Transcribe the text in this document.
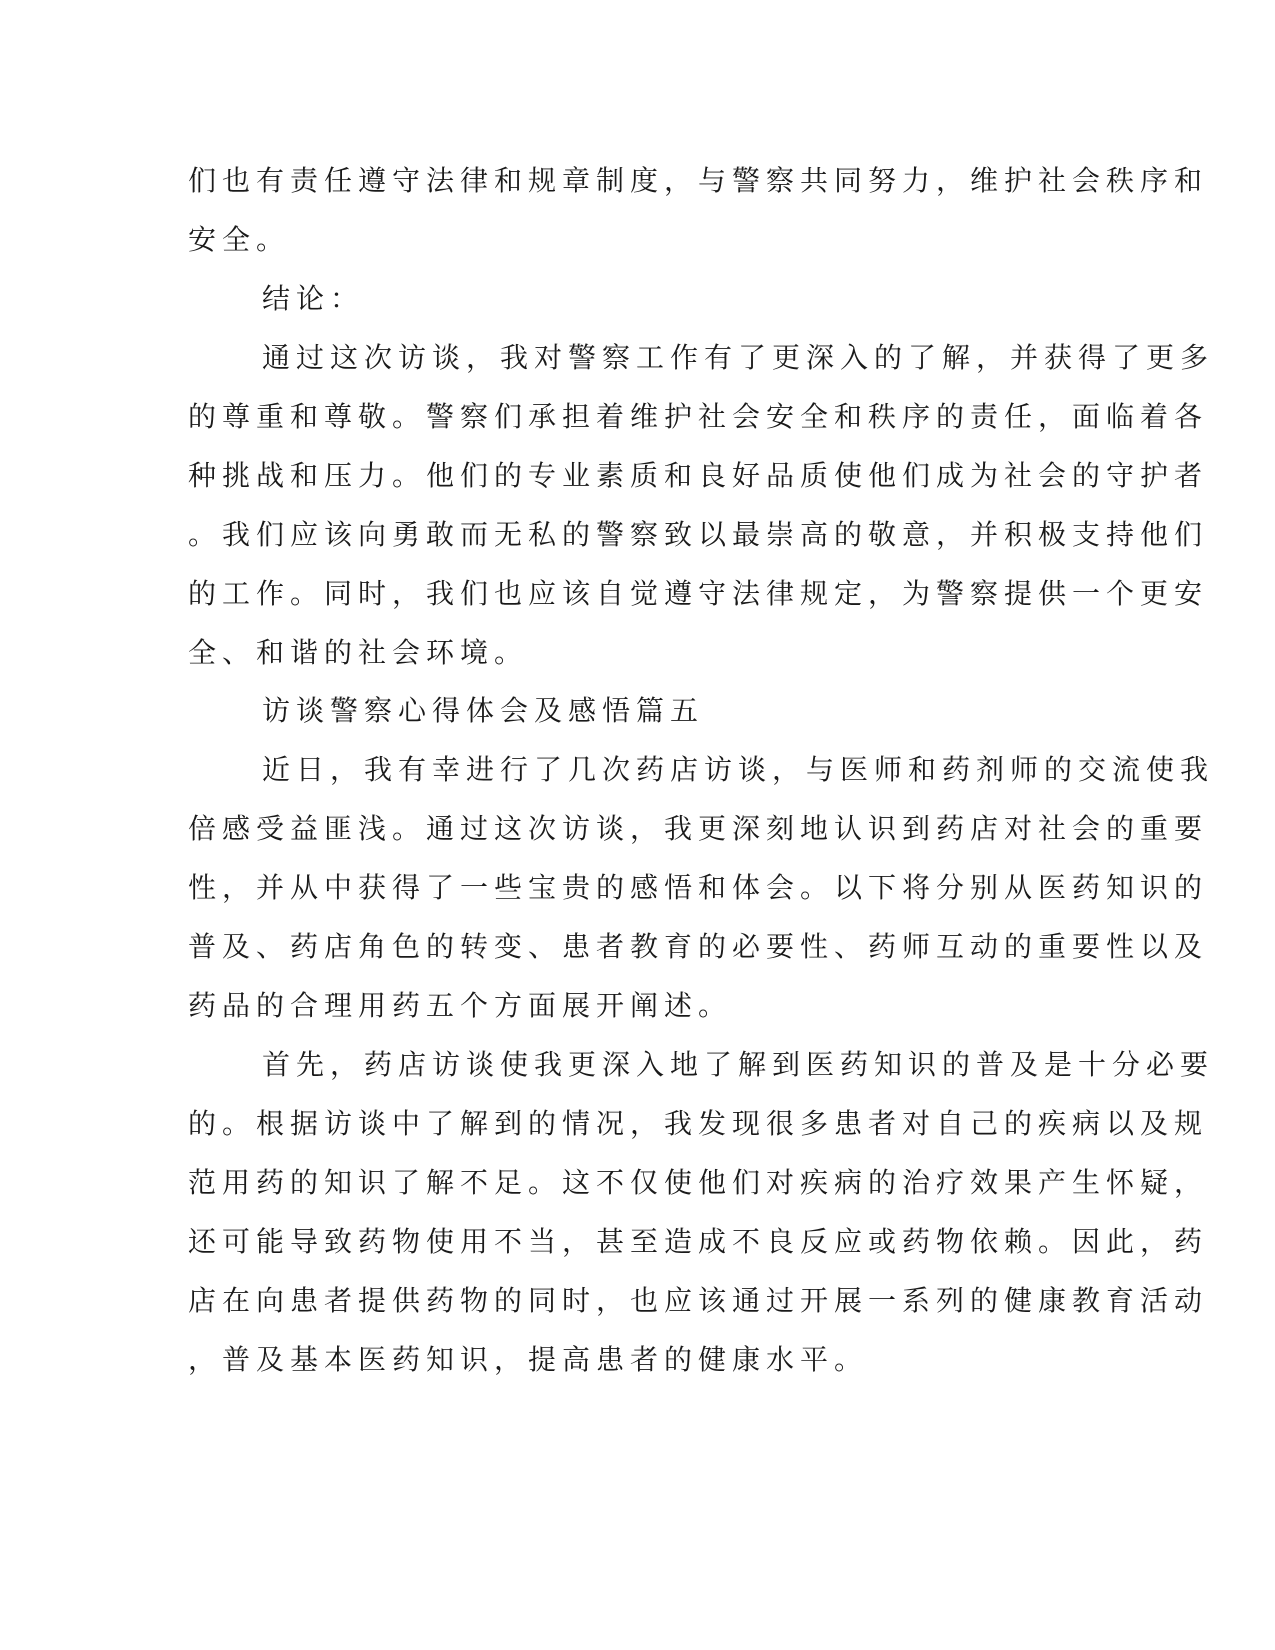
们也有责任遵守法律和规章制度，与警察共同努力，维护社会秩序和
安全。
结论：
通过这次访谈，我对警察工作有了更深入的了解，并获得了更多
的尊重和尊敬。警察们承担着维护社会安全和秩序的责任，面临着各
种挑战和压力。他们的专业素质和良好品质使他们成为社会的守护者
。我们应该向勇敢而无私的警察致以最崇高的敬意，并积极支持他们
的工作。同时，我们也应该自觉遵守法律规定，为警察提供一个更安
全、和谐的社会环境。
访谈警察心得体会及感悟篇五
近日，我有幸进行了几次药店访谈，与医师和药剂师的交流使我
倍感受益匪浅。通过这次访谈，我更深刻地认识到药店对社会的重要
性，并从中获得了一些宝贵的感悟和体会。以下将分别从医药知识的
普及、药店角色的转变、患者教育的必要性、药师互动的重要性以及
药品的合理用药五个方面展开阐述。
首先，药店访谈使我更深入地了解到医药知识的普及是十分必要
的。根据访谈中了解到的情况，我发现很多患者对自己的疾病以及规
范用药的知识了解不足。这不仅使他们对疾病的治疗效果产生怀疑，
还可能导致药物使用不当，甚至造成不良反应或药物依赖。因此，药
店在向患者提供药物的同时，也应该通过开展一系列的健康教育活动
，普及基本医药知识，提高患者的健康水平。
